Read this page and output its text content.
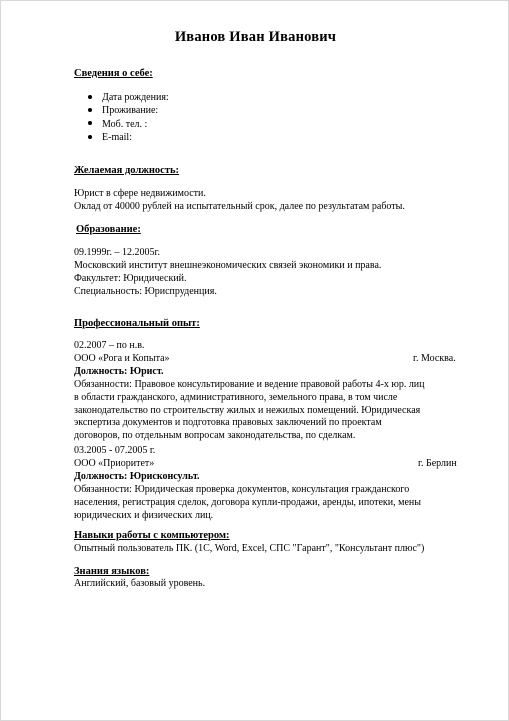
Иванов Иван Иванович
Сведения о себе:
Дата рождения:
Проживание:
Моб. тел. :
E-mail:
Желаемая должность:
Юрист в сфере недвижимости.
Оклад от 40000 рублей на испытательный срок, далее по результатам работы.
Образование:
09.1999г. – 12.2005г.
Московский институт внешнеэкономических связей экономики и права.
Факультет: Юридический.
Специальность: Юриспруденция.
Профессиональный опыт:
02.2007 – по н.в.
ООО «Рога и Копыта»
Должность: Юрист.
Обязанности: Правовое консультирование и ведение правовой работы 4-х юр. лиц
в области гражданского, административного, земельного права, в том числе
законодательство по строительству жилых и нежилых помещений. Юридическая
экспертиза документов и подготовка правовых заключений по проектам
договоров, по отдельным вопросам законодательства, по сделкам.
г. Москва.
03.2005 - 07.2005 г.
ООО «Приоритет»
Должность: Юрисконсульт.
Обязанности: Юридическая проверка документов, консультация гражданского
населения, регистрация сделок, договора купли-продажи, аренды, ипотеки, мены
юридических и физических лиц.
г. Берлин
Навыки работы с компьютером:
Опытный пользователь ПК. (1С, Word, Excel, СПС "Гарант", "Консультант плюс")
Знания языков:
Английский, базовый уровень.
